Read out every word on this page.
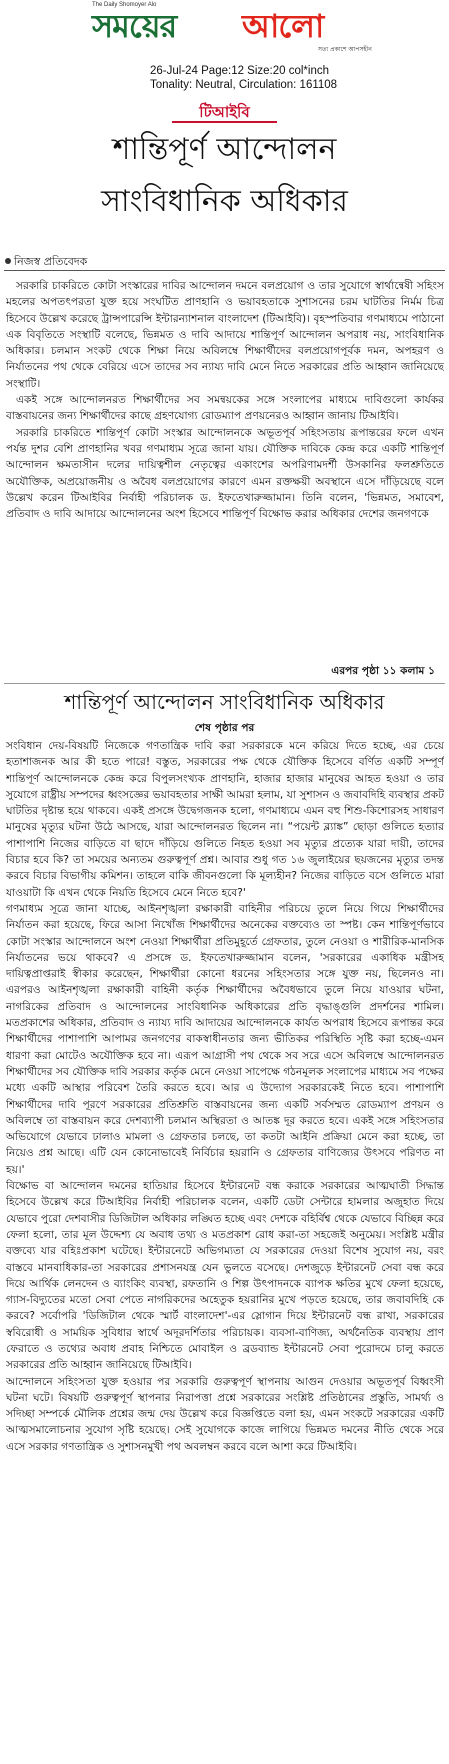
The Daily Shomoyer Alo
সময়ের আলো
সত্য প্রকাশে আপসহীন
26-Jul-24 Page:12 Size:20 col*inch
Tonality: Neutral, Circulation: 161108
টিআইবি
শান্তিপূর্ণ আন্দোলন
সাংবিধানিক অধিকার
নিজস্ব প্রতিবেদক

সরকারি চাকরিতে কোটা সংস্কারের দাবির আন্দোলন দমনে বলপ্রয়োগ ও তার সুযোগে স্বার্থান্বেষী সহিংস মহলের অপতৎপরতা যুক্ত হয়ে সংঘটিত প্রাণহানি ও ভয়াবহতাকে সুশাসনের চরম ঘাটতির নির্মম চিত্র হিসেবে উল্লেখ করেছে ট্রান্সপারেন্সি ইন্টারন্যাশনাল বাংলাদেশ (টিআইবি)। বৃহস্পতিবার গণমাধ্যমে পাঠানো এক বিবৃতিতে সংস্থাটি বলেছে, ভিন্নমত ও দাবি আদায়ে শান্তিপূর্ণ আন্দোলন অপরাধ নয়, সাংবিধানিক অধিকার। চলমান সংকট থেকে শিক্ষা নিয়ে অবিলম্বে শিক্ষার্থীদের বলপ্রয়োগপূর্বক দমন, অপহরণ ও নির্যাতনের পথ থেকে বেরিয়ে এসে তাদের সব ন্যায্য দাবি মেনে নিতে সরকারের প্রতি আহ্বান জানিয়েছে সংস্থাটি।

একই সঙ্গে আন্দোলনরত শিক্ষার্থীদের সব সমন্বয়কের সঙ্গে সংলাপের মাধ্যমে দাবিগুলো কার্যকর বাস্তবায়নের জন্য শিক্ষার্থীদের কাছে গ্রহণযোগ্য রোডম্যাপ প্রণয়নেরও আহ্বান জানায় টিআইবি।

সরকারি চাকরিতে শান্তিপূর্ণ কোটা সংস্কার আন্দোলনকে অভূতপূর্ব সহিংসতায় রূপান্তরের ফলে এখন পর্যন্ত দুশর বেশি প্রাণহানির খবর গণমাধ্যম সূত্রে জানা যায়। যৌক্তিক দাবিকে কেন্দ্র করে একটি শান্তিপূর্ণ আন্দোলন ক্ষমতাসীন দলের দায়িত্বশীল নেতৃত্বের একাংশের অপরিণামদর্শী উসকানির ফলশ্রুতিতে অযৌক্তিক, অপ্রয়োজনীয় ও অবৈধ বলপ্রয়োগের কারণে এমন রক্তক্ষয়ী অবস্থানে এসে দাঁড়িয়েছে বলে উল্লেখ করেন টিআইবির নির্বাহী পরিচালক ড. ইফতেখারুজ্জামান। তিনি বলেন, 'ভিন্নমত, সমাবেশ, প্রতিবাদ ও দাবি আদায়ে আন্দোলনের অংশ হিসেবে শান্তিপূর্ণ বিক্ষোভ করার অধিকার দেশের জনগণকে

এরপর পৃষ্ঠা ১১ কলাম ১
শান্তিপূর্ণ আন্দোলন সাংবিধানিক অধিকার
শেষ পৃষ্ঠার পর

সংবিধান দেয়-বিষয়টি নিজেকে গণতান্ত্রিক দাবি করা সরকারকে মনে করিয়ে দিতে হচ্ছে, এর চেয়ে হতাশাজনক আর কী হতে পারে! বস্তুত, সরকারের পক্ষ থেকে যৌক্তিক হিসেবে বর্ণিত একটি সম্পূর্ণ শান্তিপূর্ণ আন্দোলনকে কেন্দ্র করে বিপুলসংখ্যক প্রাণহানি, হাজার হাজার মানুষের আহত হওয়া ও তার সুযোগে রাষ্ট্রীয় সম্পদের ধ্বংসজ্ঞের ভয়াবহতার সাক্ষী আমরা হলাম, যা সুশাসন ও জবাবদিহি ব্যবস্থার প্রকট ঘাটতির দৃষ্টান্ত হয়ে থাকবে। একই প্রসঙ্গে উদ্বেগজনক হলো, গণমাধ্যমে এমন বহু শিশু-কিশোরসহ সাধারণ মানুষের মৃত্যুর ঘটনা উঠে আসছে, যারা আন্দোলনরত ছিলেন না। “পয়েন্ট ব্ল্যাঙ্ক” ছোড়া গুলিতে হত্যার পাশাপাশি নিজের বাড়িতে বা ছাদে দাঁড়িয়ে গুলিতে নিহত হওয়া সব মৃত্যুর প্রত্যেক যারা দায়ী, তাদের বিচার হবে কি? তা সময়ের অন্যতম গুরুত্বপূর্ণ প্রশ্ন। আবার শুধু গত ১৬ জুলাইয়ের ছয়জনের মৃত্যুর তদন্ত করবে বিচার বিভাগীয় কমিশন। তাহলে বাকি জীবনগুলো কি মূল্যহীন? নিজের বাড়িতে বসে গুলিতে মারা যাওয়াটা কি এখন থেকে নিয়তি হিসেবে মেনে নিতে হবে?'

গণমাধ্যম সূত্রে জানা যাচ্ছে, আইনশৃঙ্খলা রক্ষাকারী বাহিনীর পরিচয়ে তুলে নিয়ে গিয়ে শিক্ষার্থীদের নির্যাতন করা হয়েছে, ফিরে আসা নিখোঁজ শিক্ষার্থীদের অনেকের বক্তব্যেও তা স্পষ্ট। কেন শান্তিপূর্ণভাবে কোটা সংস্কার আন্দোলনে অংশ নেওয়া শিক্ষার্থীরা প্রতিমুহূর্তে গ্রেফতার, তুলে নেওয়া ও শারীরিক-মানসিক নির্যাতনের ভয়ে থাকবে? এ প্রসঙ্গে ড. ইফতেখারুজ্জামান বলেন, 'সরকারের একাধিক মন্ত্রীসহ দায়িত্বপ্রাপ্তরাই স্বীকার করেছেন, শিক্ষার্থীরা কোনো ধরনের সহিংসতার সঙ্গে যুক্ত নয়, ছিলেনও না। এরপরও আইনশৃঙ্খলা রক্ষাকারী বাহিনী কর্তৃক শিক্ষার্থীদের অবৈধভাবে তুলে নিয়ে যাওয়ার ঘটনা, নাগরিকের প্রতিবাদ ও আন্দোলনের সাংবিধানিক অধিকারের প্রতি বৃদ্ধাঙ্গুলি প্রদর্শনের শামিল। মতপ্রকাশের অধিকার, প্রতিবাদ ও ন্যায্য দাবি আদায়ের আন্দোলনকে কার্যত অপরাধ হিসেবে রূপান্তর করে শিক্ষার্থীদের পাশাপাশি আপামর জনগণের বাকস্বাধীনতার জন্য ভীতিকর পরিস্থিতি সৃষ্টি করা হচ্ছে-এমন ধারণা করা মোটেও অযৌক্তিক হবে না। এরূপ আগ্রাসী পথ থেকে সব সরে এসে অবিলম্বে আন্দোলনরত শিক্ষার্থীদের সব যৌক্তিক দাবি সরকার কর্তৃক মেনে নেওয়া সাপেক্ষে গঠনমূলক সংলাপের মাধ্যমে সব পক্ষের মধ্যে একটি আস্থার পরিবেশ তৈরি করতে হবে। আর এ উদ্যোগ সরকারকেই নিতে হবে। পাশাপাশি শিক্ষার্থীদের দাবি পূরণে সরকারের প্রতিশ্রুতি বাস্তবায়নের জন্য একটি সর্বসম্মত রোডম্যাপ প্রণয়ন ও অবিলম্বে তা বাস্তবায়ন করে দেশব্যাপী চলমান অস্থিরতা ও আতঙ্ক দূর করতে হবে। একই সঙ্গে সহিংসতার অভিযোগে যেভাবে ঢালাও মামলা ও গ্রেফতার চলছে, তা কতটা আইনি প্রক্রিয়া মেনে করা হচ্ছে, তা নিয়েও প্রশ্ন আছে। এটি যেন কোনোভাবেই নির্বিচার হয়রানি ও গ্রেফতার বাণিজ্যের উৎসবে পরিণত না হয়।'

বিক্ষোভ বা আন্দোলন দমনের হাতিয়ার হিসেবে ইন্টারনেট বন্ধ করাকে সরকারের আত্মঘাতী সিদ্ধান্ত হিসেবে উল্লেখ করে টিআইবির নির্বাহী পরিচালক বলেন, একটি ডেটা সেন্টারে হামলার অজুহাত দিয়ে যেভাবে পুরো দেশবাসীর ডিজিটাল অধিকার লঙ্ঘিত হচ্ছে এবং দেশকে বহির্বিশ্ব থেকে যেভাবে বিচ্ছিন্ন করে ফেলা হলো, তার মূল উদ্দেশ্য যে অবাধ তথ্য ও মতপ্রকাশ রোধ করা-তা সহজেই অনুমেয়। সংশ্লিষ্ট মন্ত্রীর বক্তব্যে যার বহিঃপ্রকাশ ঘটেছে। ইন্টারনেটে অভিগম্যতা যে সরকারের দেওয়া বিশেষ সুযোগ নয়, বরং বাস্তবে মানবাধিকার-তা সরকারের প্রশাসনযন্ত্র যেন ভুলতে বসেছে। দেশজুড়ে ইন্টারনেট সেবা বন্ধ করে দিয়ে আর্থিক লেনদেন ও ব্যাংকিং ব্যবস্থা, রফতানি ও শিল্প উৎপাদনকে ব্যাপক ক্ষতির মুখে ফেলা হয়েছে, গ্যাস-বিদ্যুতের মতো সেবা পেতে নাগরিকদের অহেতুক হয়রানির মুখে পড়তে হয়েছে, তার জবাবদিহি কে করবে? সর্বোপরি 'ডিজিটাল থেকে স্মার্ট বাংলাদেশ'-এর স্লোগান দিয়ে ইন্টারনেট বন্ধ রাখা, সরকারের স্ববিরোধী ও সাময়িক সুবিধার স্বার্থে অদূরদর্শিতার পরিচায়ক। ব্যবসা-বাণিজ্য, অর্থনৈতিক ব্যবস্থায় প্রাণ ফেরাতে ও তথ্যের অবাধ প্রবাহ নিশ্চিতে মোবাইল ও ব্রডব্যান্ড ইন্টারনেট সেবা পুরোদমে চালু করতে সরকারের প্রতি আহ্বান জানিয়েছে টিআইবি।

আন্দোলনে সহিংসতা যুক্ত হওয়ার পর সরকারি গুরুত্বপূর্ণ স্থাপনায় আগুন দেওয়ার অভূতপূর্ব বিধ্বংসী ঘটনা ঘটে। বিষয়টি গুরুত্বপূর্ণ স্থাপনার নিরাপত্তা প্রশ্নে সরকারের সংশ্লিষ্ট প্রতিষ্ঠানের প্রস্তুতি, সামর্থ্য ও সদিচ্ছা সম্পর্কে মৌলিক প্রশ্নের জন্ম দেয় উল্লেখ করে বিজ্ঞপ্তিতে বলা হয়, এমন সংকটে সরকারের একটি আত্মসমালোচনার সুযোগ সৃষ্টি হয়েছে। সেই সুযোগকে কাজে লাগিয়ে ভিন্নমত দমনের নীতি থেকে সরে এসে সরকার গণতান্ত্রিক ও সুশাসনমুখী পথ অবলম্বন করবে বলে আশা করে টিআইবি।
